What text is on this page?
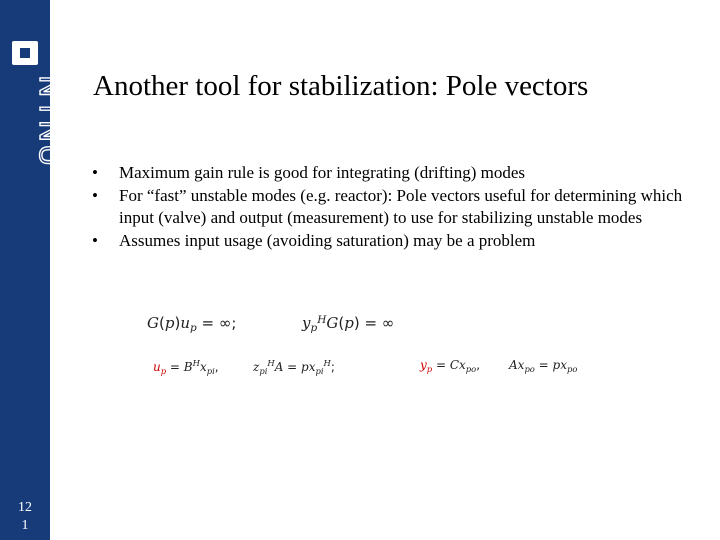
NTNU
12
1
Another tool for stabilization: Pole vectors
• Maximum gain rule is good for integrating (drifting) modes
• For “fast” unstable modes (e.g. reactor): Pole vectors useful for determining which input (valve) and output (measurement) to use for stabilizing unstable modes
• Assumes input usage (avoiding saturation) may be a problem
$G(p)u_p$ = ∞;	$y_p^HG(p)$ = ∞
$u_p = B^Hx_{pi}$,	$z_{pi}^HA = px_{pi}^H$;	$y_p = Cx_{po}$, $Ax_{po} = px_{po}$
